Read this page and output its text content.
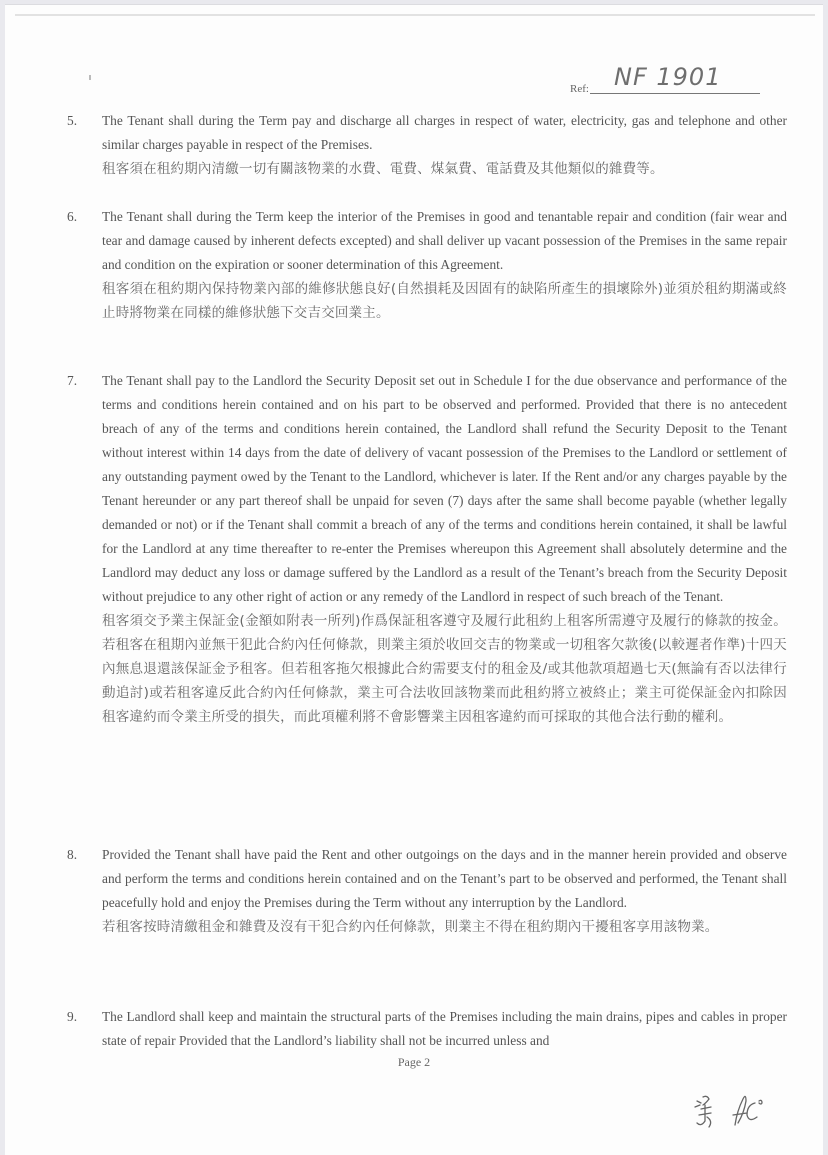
Ref: NF 1901
5.	The Tenant shall during the Term pay and discharge all charges in respect of water, electricity, gas and telephone and other similar charges payable in respect of the Premises.
租客須在租約期內清繳一切有關該物業的水費、電費、煤氣費、電話費及其他類似的雜費等。
6.	The Tenant shall during the Term keep the interior of the Premises in good and tenantable repair and condition (fair wear and tear and damage caused by inherent defects excepted) and shall deliver up vacant possession of the Premises in the same repair and condition on the expiration or sooner determination of this Agreement.
租客須在租約期內保持物業內部的維修狀態良好(自然損耗及因固有的缺陷所產生的損壞除外)並須於租約期滿或終止時將物業在同樣的維修狀態下交吉交回業主。
7.	The Tenant shall pay to the Landlord the Security Deposit set out in Schedule I for the due observance and performance of the terms and conditions herein contained and on his part to be observed and performed. Provided that there is no antecedent breach of any of the terms and conditions herein contained, the Landlord shall refund the Security Deposit to the Tenant without interest within 14 days from the date of delivery of vacant possession of the Premises to the Landlord or settlement of any outstanding payment owed by the Tenant to the Landlord, whichever is later. If the Rent and/or any charges payable by the Tenant hereunder or any part thereof shall be unpaid for seven (7) days after the same shall become payable (whether legally demanded or not) or if the Tenant shall commit a breach of any of the terms and conditions herein contained, it shall be lawful for the Landlord at any time thereafter to re-enter the Premises whereupon this Agreement shall absolutely determine and the Landlord may deduct any loss or damage suffered by the Landlord as a result of the Tenant’s breach from the Security Deposit without prejudice to any other right of action or any remedy of the Landlord in respect of such breach of the Tenant.
租客須交予業主保証金(金額如附表一所列)作爲保証租客遵守及履行此租約上租客所需遵守及履行的條款的按金。若租客在租期內並無干犯此合約內任何條款，則業主須於收回交吉的物業或一切租客欠款後(以較遲者作準)十四天內無息退還該保証金予租客。但若租客拖欠根據此合約需要支付的租金及/或其他款項超過七天(無論有否以法律行動追討)或若租客違反此合約內任何條款，業主可合法收回該物業而此租約將立被終止；業主可從保証金內扣除因租客違約而令業主所受的損失，而此項權利將不會影響業主因租客違約而可採取的其他合法行動的權利。
8.	Provided the Tenant shall have paid the Rent and other outgoings on the days and in the manner herein provided and observe and perform the terms and conditions herein contained and on the Tenant’s part to be observed and performed, the Tenant shall peacefully hold and enjoy the Premises during the Term without any interruption by the Landlord.
若租客按時清繳租金和雜費及沒有干犯合約內任何條款，則業主不得在租約期內干擾租客享用該物業。
9.	The Landlord shall keep and maintain the structural parts of the Premises including the main drains, pipes and cables in proper state of repair Provided that the Landlord’s liability shall not be incurred unless and
Page 2
